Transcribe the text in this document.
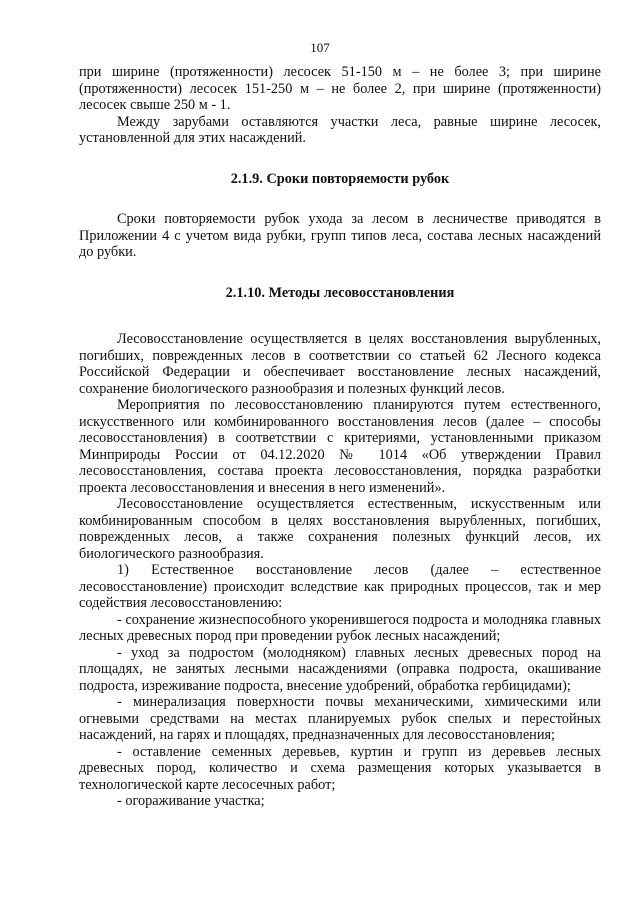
107

при ширине (протяженности) лесосек 51-150 м – не более 3; при ширине (протяженности) лесосек 151-250 м – не более 2, при ширине (протяженности) лесосек свыше 250 м - 1.

Между зарубами оставляются участки леса, равные ширине лесосек, установленной для этих насаждений.

2.1.9. Сроки повторяемости рубок

Сроки повторяемости рубок ухода за лесом в лесничестве приводятся в Приложении 4 с учетом вида рубки, групп типов леса, состава лесных насаждений до рубки.

2.1.10. Методы лесовосстановления

Лесовосстановление осуществляется в целях восстановления вырубленных, погибших, поврежденных лесов в соответствии со статьей 62 Лесного кодекса Российской Федерации и обеспечивает восстановление лесных насаждений, сохранение биологического разнообразия и полезных функций лесов.

Мероприятия по лесовосстановлению планируются путем естественного, искусственного или комбинированного восстановления лесов (далее – способы лесовосстановления) в соответствии с критериями, установленными приказом Минприроды России от 04.12.2020 № 1014 «Об утверждении Правил лесовосстановления, состава проекта лесовосстановления, порядка разработки проекта лесовосстановления и внесения в него изменений».

Лесовосстановление осуществляется естественным, искусственным или комбинированным способом в целях восстановления вырубленных, погибших, поврежденных лесов, а также сохранения полезных функций лесов, их биологического разнообразия.

1) Естественное восстановление лесов (далее – естественное лесовосстановление) происходит вследствие как природных процессов, так и мер содействия лесовосстановлению:

- сохранение жизнеспособного укоренившегося подроста и молодняка главных лесных древесных пород при проведении рубок лесных насаждений;

- уход за подростом (молодняком) главных лесных древесных пород на площадях, не занятых лесными насаждениями (оправка подроста, окашивание подроста, изреживание подроста, внесение удобрений, обработка гербицидами);

- минерализация поверхности почвы механическими, химическими или огневыми средствами на местах планируемых рубок спелых и перестойных насаждений, на гарях и площадях, предназначенных для лесовосстановления;

- оставление семенных деревьев, куртин и групп из деревьев лесных древесных пород, количество и схема размещения которых указывается в технологической карте лесосечных работ;

- огораживание участка;
